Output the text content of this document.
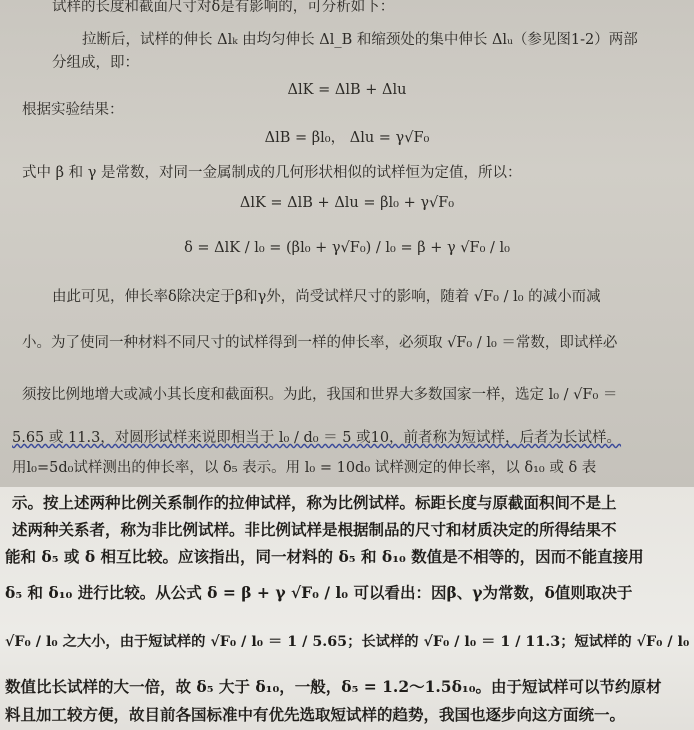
试样的长度和截面尺寸对δ是有影响的，可分析如下：
拉断后，试样的伸长 Δlₖ 由均匀伸长 Δl_B 和缩颈处的集中伸长 Δlᵤ（参见图1-2）两部
分组成，即：
ΔlK = ΔlB + Δlu
根据实验结果：
ΔlB = βl₀， Δlu = γ√F₀
式中 β 和 γ 是常数，对同一金属制成的几何形状相似的试样恒为定值，所以：
ΔlK = ΔlB + Δlu = βl₀ + γ√F₀
δ = ΔlK / l₀ = (βl₀ + γ√F₀) / l₀ = β + γ √F₀ / l₀
由此可见，伸长率δ除决定于β和γ外，尚受试样尺寸的影响，随着 √F₀ / l₀ 的减小而减
小。为了使同一种材料不同尺寸的试样得到一样的伸长率，必须取 √F₀ / l₀ ＝常数，即试样必
须按比例地增大或减小其长度和截面积。为此，我国和世界大多数国家一样，选定 l₀ / √F₀ ＝
5.65 或 11.3，对圆形试样来说即相当于 l₀ / d₀ ＝ 5 或10，前者称为短试样，后者为长试样。
用l₀=5d₀试样测出的伸长率，以 δ₅ 表示。用 l₀ = 10d₀ 试样测定的伸长率，以 δ₁₀ 或 δ 表
示。按上述两种比例关系制作的拉伸试样，称为比例试样。标距长度与原截面积间不是上
述两种关系者，称为非比例试样。非比例试样是根据制品的尺寸和材质决定的所得结果不
能和 δ₅ 或 δ 相互比较。应该指出，同一材料的 δ₅ 和 δ₁₀ 数值是不相等的，因而不能直接用
δ₅ 和 δ₁₀ 进行比较。从公式 δ = β + γ √F₀ / l₀ 可以看出：因β、γ为常数，δ值则取决于
√F₀ / l₀ 之大小，由于短试样的 √F₀ / l₀ ＝ 1 / 5.65；长试样的 √F₀ / l₀ ＝ 1 / 11.3；短试样的 √F₀ / l₀
数值比长试样的大一倍，故 δ₅ 大于 δ₁₀，一般，δ₅ = 1.2～1.5δ₁₀。由于短试样可以节约原材
料且加工较方便，故目前各国标准中有优先选取短试样的趋势，我国也逐步向这方面统一。
